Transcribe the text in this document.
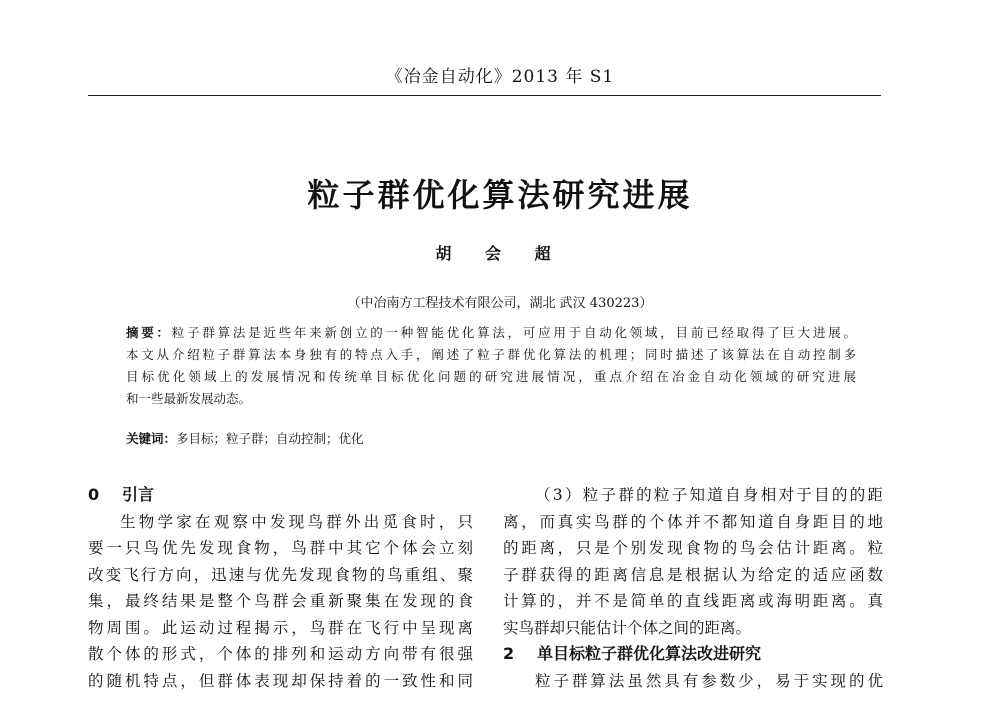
《冶金自动化》2013 年 S1
粒子群优化算法研究进展
胡 会 超
（中冶南方工程技术有限公司，湖北 武汉 430223）
摘要：粒子群算法是近些年来新创立的一种智能优化算法，可应用于自动化领域，目前已经取得了巨大进展。
本文从介绍粒子群算法本身独有的特点入手，阐述了粒子群优化算法的机理；同时描述了该算法在自动控制多
目标优化领域上的发展情况和传统单目标优化问题的研究进展情况，重点介绍在冶金自动化领域的研究进展
和一些最新发展动态。
关键词：多目标；粒子群；自动控制；优化
0 引言
生物学家在观察中发现鸟群外出觅食时，只
要一只鸟优先发现食物，鸟群中其它个体会立刻
改变飞行方向，迅速与优先发现食物的鸟重组、聚
集，最终结果是整个鸟群会重新聚集在发现的食
物周围。此运动过程揭示，鸟群在飞行中呈现离
散个体的形式，个体的排列和运动方向带有很强
的随机特点，但群体表现却保持着的一致性和同
（3）粒子群的粒子知道自身相对于目的的距
离，而真实鸟群的个体并不都知道自身距目的地
的距离，只是个别发现食物的鸟会估计距离。粒
子群获得的距离信息是根据认为给定的适应函数
计算的，并不是简单的直线距离或海明距离。真
实鸟群却只能估计个体之间的距离。
2 单目标粒子群优化算法改进研究
粒子群算法虽然具有参数少，易于实现的优
